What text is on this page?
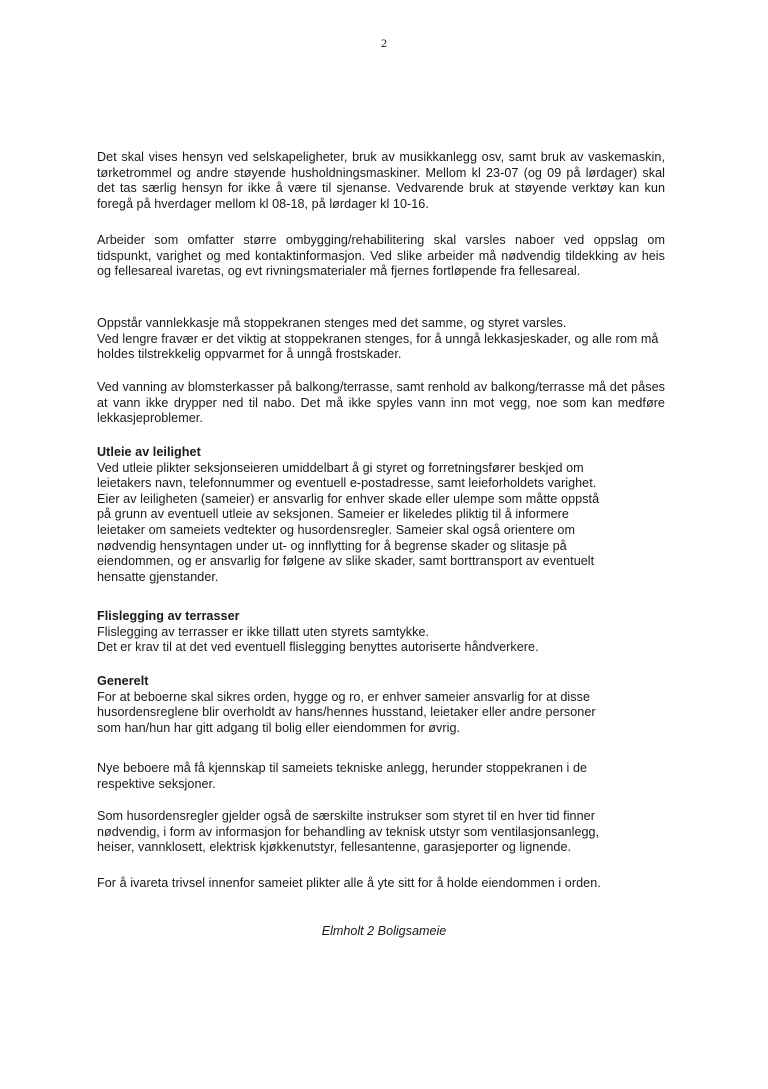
2

Det skal vises hensyn ved selskapeligheter, bruk av musikkanlegg osv, samt bruk av vaskemaskin, tørketrommel og andre støyende husholdningsmaskiner. Mellom kl 23-07 (og 09 på lørdager) skal det tas særlig hensyn for ikke å være til sjenanse. Vedvarende bruk at støyende verktøy kan kun foregå på hverdager mellom kl 08-18, på lørdager kl 10-16.

Arbeider som omfatter større ombygging/rehabilitering skal varsles naboer ved oppslag om tidspunkt, varighet og med kontaktinformasjon. Ved slike arbeider må nødvendig tildekking av heis og fellesareal ivaretas, og evt rivningsmaterialer må fjernes fortløpende fra fellesareal.

Oppstår vannlekkasje må stoppekranen stenges med det samme, og styret varsles.

Ved lengre fravær er det viktig at stoppekranen stenges, for å unngå lekkasjeskader, og alle rom må holdes tilstrekkelig oppvarmet for å unngå frostskader.

Ved vanning av blomsterkasser på balkong/terrasse, samt renhold av balkong/terrasse må det påses at vann ikke drypper ned til nabo. Det må ikke spyles vann inn mot vegg, noe som kan medføre lekkasjeproblemer.

Utleie av leilighet

Ved utleie plikter seksjonseieren umiddelbart å gi styret og forretningsfører beskjed om

leietakers navn, telefonnummer og eventuell e-postadresse, samt leieforholdets varighet.

Eier av leiligheten (sameier) er ansvarlig for enhver skade eller ulempe som måtte oppstå

på grunn av eventuell utleie av seksjonen. Sameier er likeledes pliktig til å informere

leietaker om sameiets vedtekter og husordensregler. Sameier skal også orientere om

nødvendig hensyntagen under ut- og innflytting for å begrense skader og slitasje på

eiendommen, og er ansvarlig for følgene av slike skader, samt borttransport av eventuelt

hensatte gjenstander.

Flislegging av terrasser

Flislegging av terrasser er ikke tillatt uten styrets samtykke.

Det er krav til at det ved eventuell flislegging benyttes autoriserte håndverkere.

Generelt

For at beboerne skal sikres orden, hygge og ro, er enhver sameier ansvarlig for at disse

husordensreglene blir overholdt av hans/hennes husstand, leietaker eller andre personer

som han/hun har gitt adgang til bolig eller eiendommen for øvrig.

Nye beboere må få kjennskap til sameiets tekniske anlegg, herunder stoppekranen i de

respektive seksjoner.

Som husordensregler gjelder også de særskilte instrukser som styret til en hver tid finner

nødvendig, i form av informasjon for behandling av teknisk utstyr som ventilasjonsanlegg,

heiser, vannklosett, elektrisk kjøkkenutstyr, fellesantenne, garasjeporter og lignende.

For å ivareta trivsel innenfor sameiet plikter alle å yte sitt for å holde eiendommen i orden.

Elmholt 2 Boligsameie
